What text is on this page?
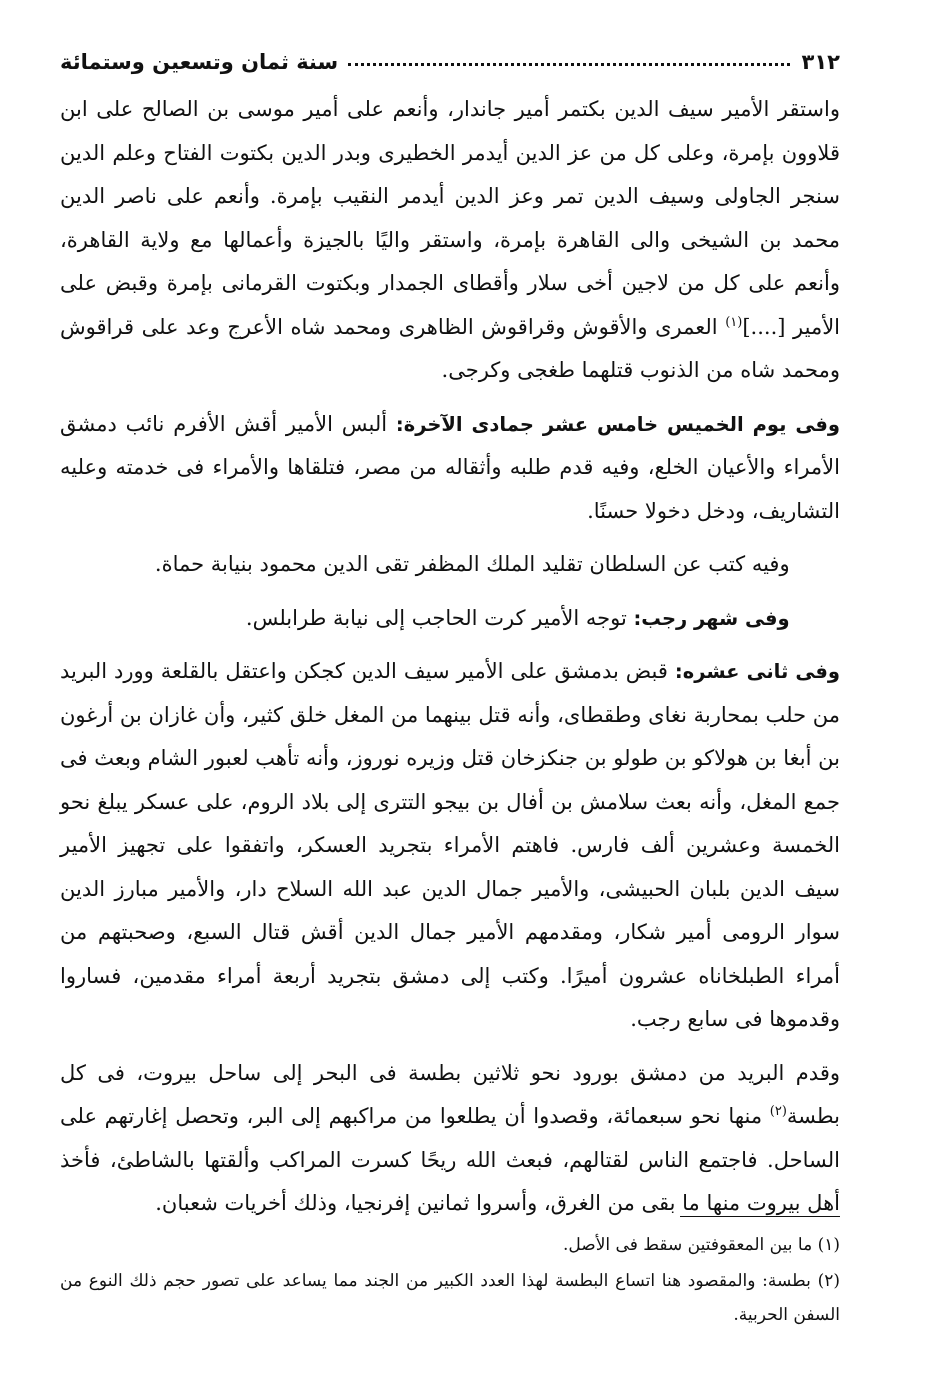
٣١٢
سنة ثمان وتسعين وستمائة

واستقر الأمير سيف الدين بكتمر أمير جاندار، وأنعم على أمير موسى بن الصالح على ابن قلاوون بإمرة، وعلى كل من عز الدين أيدمر الخطيرى وبدر الدين بكتوت الفتاح وعلم الدين سنجر الجاولى وسيف الدين تمر وعز الدين أيدمر النقيب بإمرة. وأنعم على ناصر الدين محمد بن الشيخى والى القاهرة بإمرة، واستقر واليًا بالجيزة وأعمالها مع ولاية القاهرة، وأنعم على كل من لاجين أخى سلار وأقطاى الجمدار وبكتوت القرمانى بإمرة وقبض على الأمير [....]$^{(١)}$ العمرى والأقوش وقراقوش الظاهرى ومحمد شاه الأعرج وعد على قراقوش ومحمد شاه من الذنوب قتلهما طغجى وكرجى.

وفى يوم الخميس خامس عشر جمادى الآخرة: ألبس الأمير أقش الأفرم نائب دمشق الأمراء والأعيان الخلع، وفيه قدم طلبه وأثقاله من مصر، فتلقاها والأمراء فى خدمته وعليه التشاريف، ودخل دخولا حسنًا.

وفيه كتب عن السلطان تقليد الملك المظفر تقى الدين محمود بنيابة حماة.

وفى شهر رجب: توجه الأمير كرت الحاجب إلى نيابة طرابلس.

وفى ثانى عشره: قبض بدمشق على الأمير سيف الدين كجكن واعتقل بالقلعة وورد البريد من حلب بمحاربة نغاى وطقطاى، وأنه قتل بينهما من المغل خلق كثير، وأن غازان بن أرغون بن أبغا بن هولاكو بن طولو بن جنكزخان قتل وزيره نوروز، وأنه تأهب لعبور الشام وبعث فى جمع المغل، وأنه بعث سلامش بن أفال بن بيجو التترى إلى بلاد الروم، على عسكر يبلغ نحو الخمسة وعشرين ألف فارس. فاهتم الأمراء بتجريد العسكر، واتفقوا على تجهيز الأمير سيف الدين بلبان الحبيشى، والأمير جمال الدين عبد الله السلاح دار، والأمير مبارز الدين سوار الرومى أمير شكار، ومقدمهم الأمير جمال الدين أقش قتال السبع، وصحبتهم من أمراء الطبلخاناه عشرون أميرًا. وكتب إلى دمشق بتجريد أربعة أمراء مقدمين، فساروا وقدموها فى سابع رجب.

وقدم البريد من دمشق بورود نحو ثلاثين بطسة فى البحر إلى ساحل بيروت، فى كل بطسة$^{(٢)}$ منها نحو سبعمائة، وقصدوا أن يطلعوا من مراكبهم إلى البر، وتحصل إغارتهم على الساحل. فاجتمع الناس لقتالهم، فبعث الله ريحًا كسرت المراكب وألقتها بالشاطئ، فأخذ أهل بيروت منها ما بقى من الغرق، وأسروا ثمانين إفرنجيا، وذلك أخريات شعبان.

(١) ما بين المعقوفتين سقط فى الأصل.

(٢) بطسة: والمقصود هنا اتساع البطسة لهذا العدد الكبير من الجند مما يساعد على تصور حجم ذلك النوع من السفن الحربية.
